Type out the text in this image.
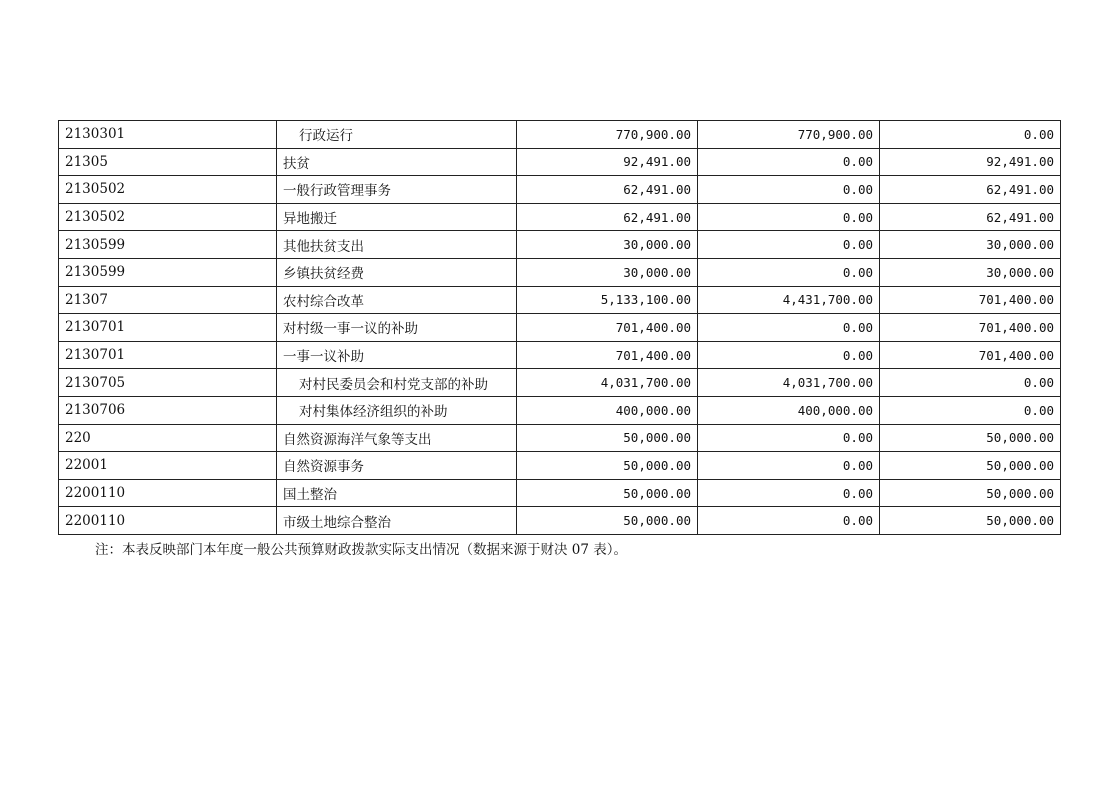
2130301	行政运行	770,900.00	770,900.00	0.00
21305	扶贫	92,491.00	0.00	92,491.00
2130502	一般行政管理事务	62,491.00	0.00	62,491.00
2130502	异地搬迁	62,491.00	0.00	62,491.00
2130599	其他扶贫支出	30,000.00	0.00	30,000.00
2130599	乡镇扶贫经费	30,000.00	0.00	30,000.00
21307	农村综合改革	5,133,100.00	4,431,700.00	701,400.00
2130701	对村级一事一议的补助	701,400.00	0.00	701,400.00
2130701	一事一议补助	701,400.00	0.00	701,400.00
2130705	对村民委员会和村党支部的补助	4,031,700.00	4,031,700.00	0.00
2130706	对村集体经济组织的补助	400,000.00	400,000.00	0.00
220	自然资源海洋气象等支出	50,000.00	0.00	50,000.00
22001	自然资源事务	50,000.00	0.00	50,000.00
2200110	国土整治	50,000.00	0.00	50,000.00
2200110	市级土地综合整治	50,000.00	0.00	50,000.00
注：本表反映部门本年度一般公共预算财政拨款实际支出情况（数据来源于财决 07 表）。
